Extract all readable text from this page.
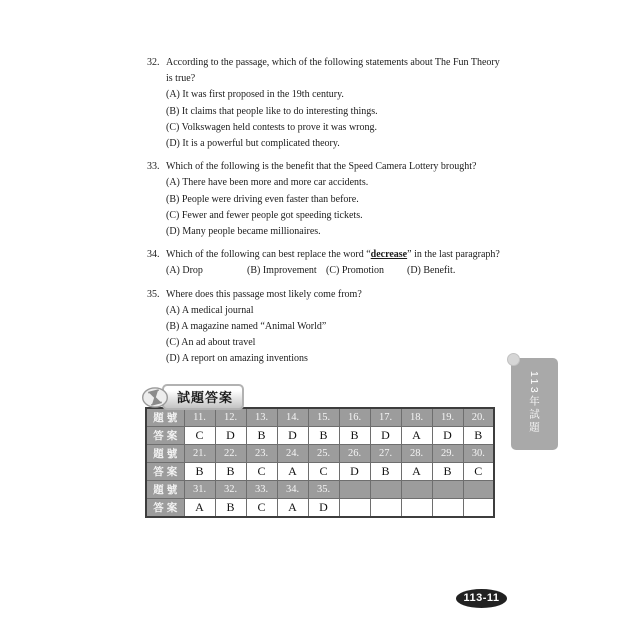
32. According to the passage, which of the following statements about The Fun Theory is true?
(A) It was first proposed in the 19th century.
(B) It claims that people like to do interesting things.
(C) Volkswagen held contests to prove it was wrong.
(D) It is a powerful but complicated theory.
33. Which of the following is the benefit that the Speed Camera Lottery brought?
(A) There have been more and more car accidents.
(B) People were driving even faster than before.
(C) Fewer and fewer people got speeding tickets.
(D) Many people became millionaires.
34. Which of the following can best replace the word “decrease” in the last paragraph?
(A) Drop	(B) Improvement (C) Promotion	(D) Benefit.
35. Where does this passage most likely come from?
(A) A medical journal
(B) A magazine named “Animal World”
(C) An ad about travel
(D) A report on amazing inventions
試題答案
題 號	11.	12.	13.	14.	15.	16.	17.	18.	19.	20.
答 案	C	D	B	D	B	B	D	A	D	B
題 號	21.	22.	23.	24.	25.	26.	27.	28.	29.	30.
答 案	B	B	C	A	C	D	B	A	B	C
題 號	31.	32.	33.	34.	35.					
答 案	A	B	C	A	D					
113年試題
113-11
